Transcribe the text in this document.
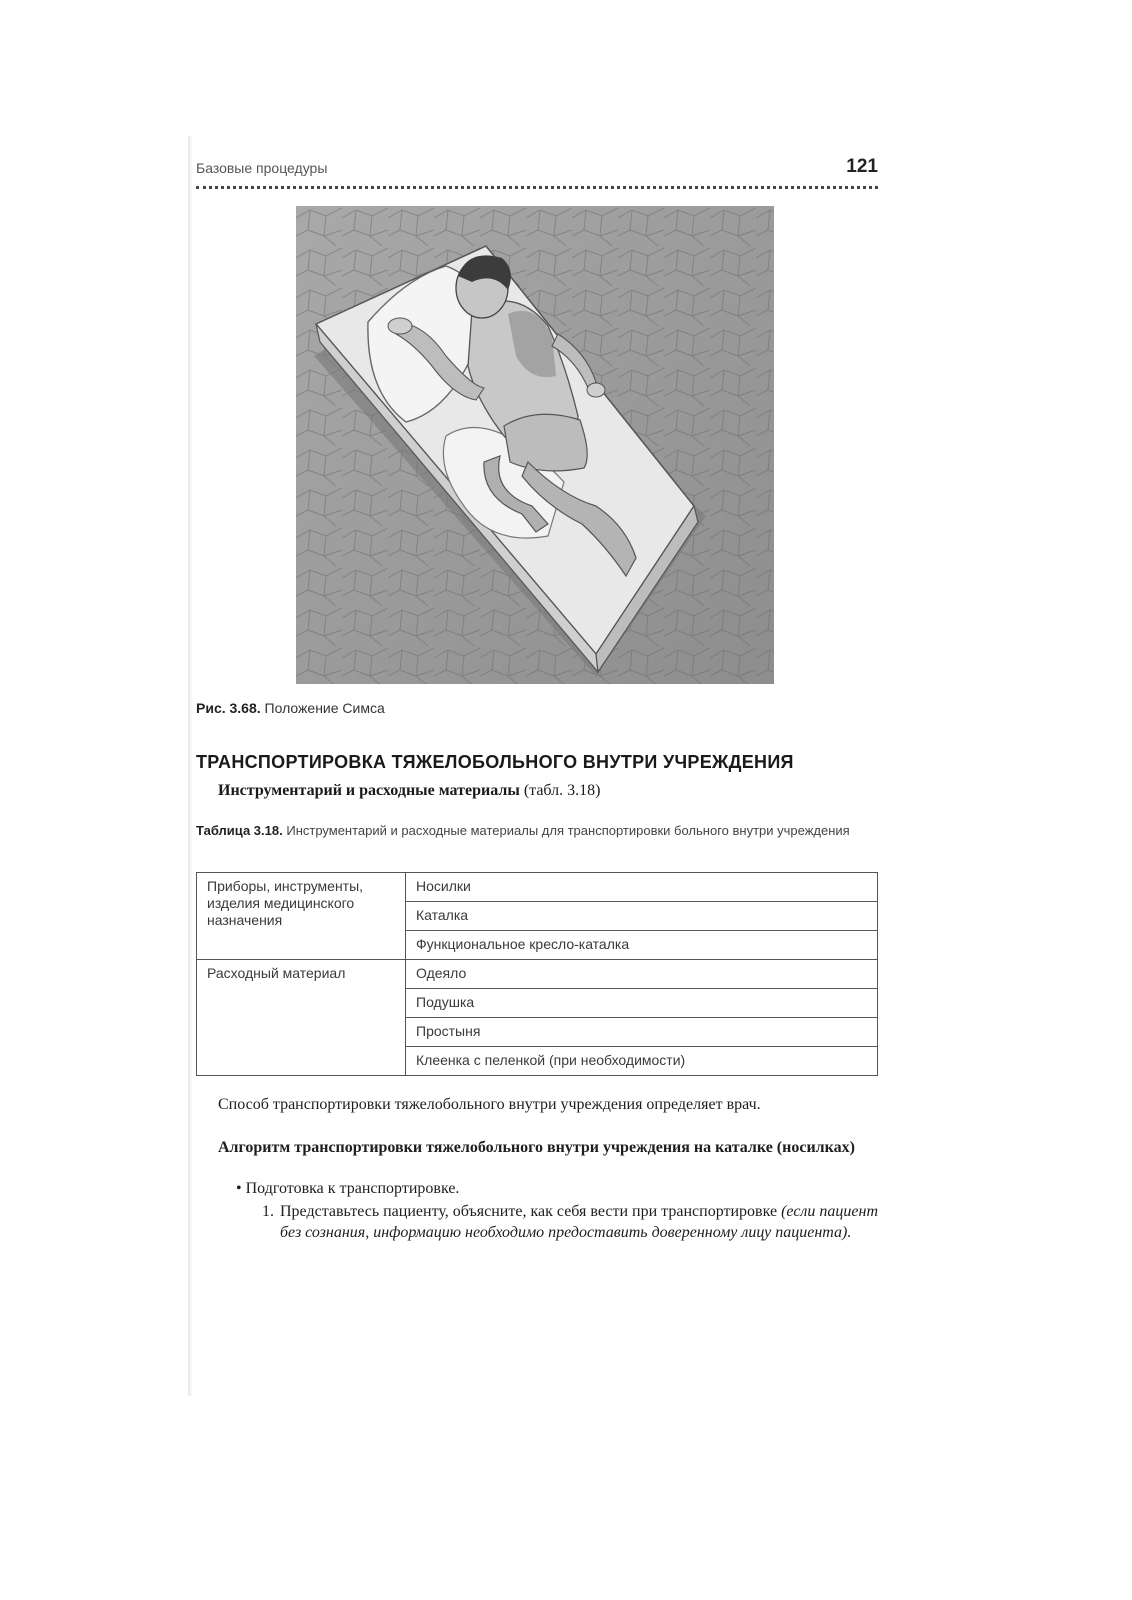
Базовые процедуры	121
Рис. 3.68. Положение Симса
ТРАНСПОРТИРОВКА ТЯЖЕЛОБОЛЬНОГО ВНУТРИ УЧРЕЖДЕНИЯ
Инструментарий и расходные материалы (табл. 3.18)
Таблица 3.18. Инструментарий и расходные материалы для транспортировки больного внутри учреждения
Приборы, инструменты, изделия медицинского назначения	Носилки
	Каталка
	Функциональное кресло-каталка
Расходный материал	Одеяло
	Подушка
	Простыня
	Клеенка с пеленкой (при необходимости)
Способ транспортировки тяжелобольного внутри учреждения определяет врач.
Алгоритм транспортировки тяжелобольного внутри учреждения на каталке (носилках)
• Подготовка к транспортировке.
1. Представьтесь пациенту, объясните, как себя вести при транспортировке (если пациент без сознания, информацию необходимо предоставить доверенному лицу пациента).
